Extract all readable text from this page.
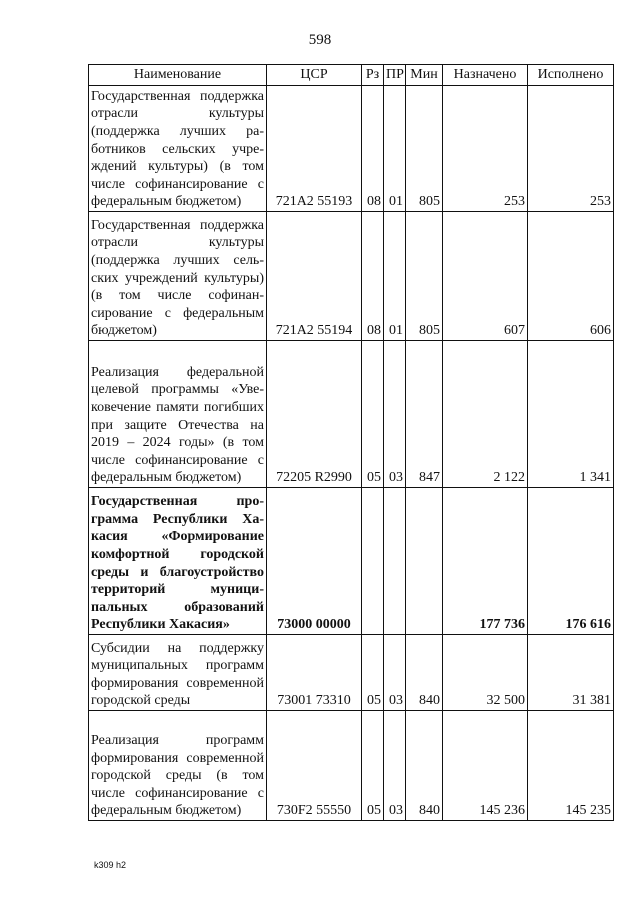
598
Наименование	ЦСР	Рз	ПР	Мин	Назначено	Исполнено
Государственная поддержка отрасли культуры (поддержка лучших работников сельских учреждений культуры) (в том числе софинансирование с федеральным бюджетом)	721А2 55193	08	01	805	253	253
Государственная поддержка отрасли культуры (поддержка лучших сельских учреждений культуры) (в том числе софинансирование с федеральным бюджетом)	721А2 55194	08	01	805	607	606
Реализация федеральной целевой программы «Увековечение памяти погибших при защите Отечества на 2019 – 2024 годы» (в том числе софинансирование с федеральным бюджетом)	72205 R2990	05	03	847	2 122	1 341
Государственная программа Республики Хакасия «Формирование комфортной городской среды и благоустройство территорий муниципальных образований Республики Хакасия»	73000 00000				177 736	176 616
Субсидии на поддержку муниципальных программ формирования современной городской среды	73001 73310	05	03	840	32 500	31 381
Реализация программ формирования современной городской среды (в том числе софинансирование с федеральным бюджетом)	730F2 55550	05	03	840	145 236	145 235
k309 h2
